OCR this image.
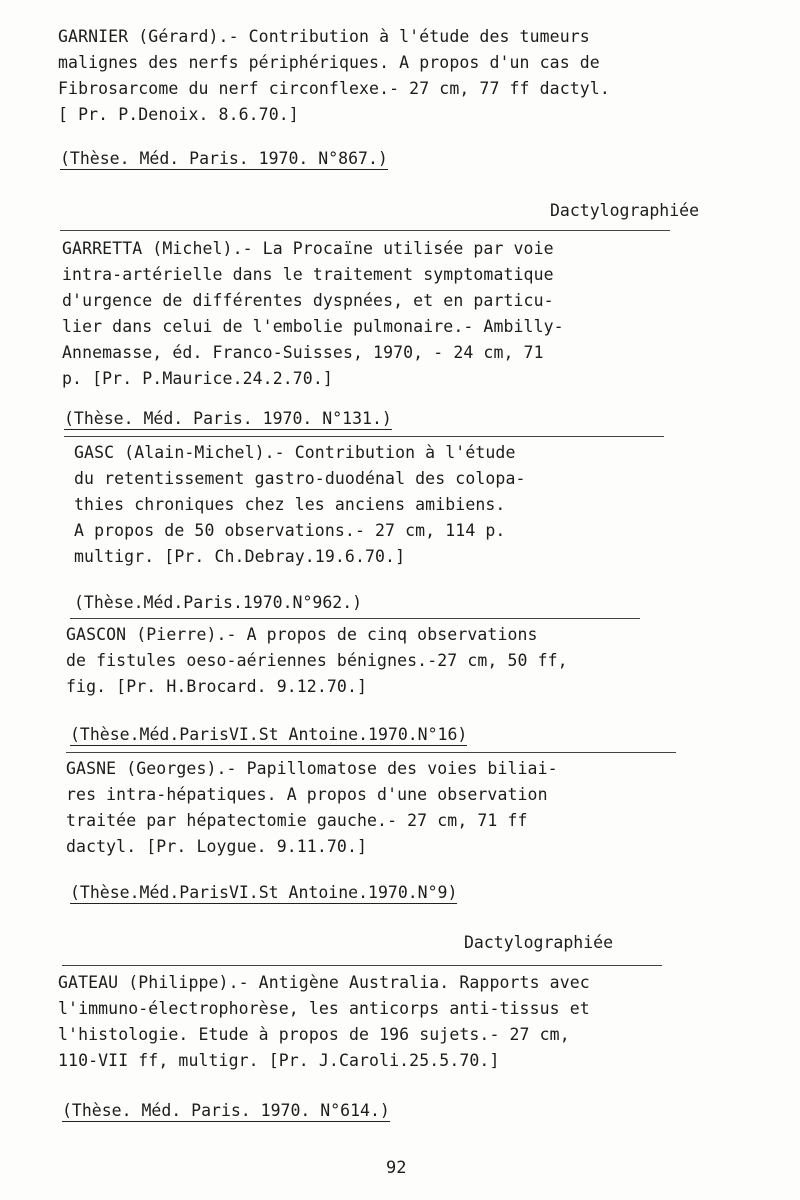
GARNIER (Gérard).- Contribution à l'étude des tumeurs

malignes des nerfs périphériques. A propos d'un cas de

Fibrosarcome du nerf circonflexe.- 27 cm, 77 ff dactyl.

[ Pr. P.Denoix. 8.6.70.]

(Thèse. Méd. Paris. 1970. N°867.)
Dactylographiée

GARRETTA (Michel).- La Procaïne utilisée par voie

intra-artérielle dans le traitement symptomatique

d'urgence de différentes dyspnées, et en particu-

lier dans celui de l'embolie pulmonaire.- Ambilly-

Annemasse, éd. Franco-Suisses, 1970, - 24 cm, 71

p. [Pr. P.Maurice.24.2.70.]

(Thèse. Méd. Paris. 1970. N°131.)

GASC (Alain-Michel).- Contribution à l'étude

du retentissement gastro-duodénal des colopa-

thies chroniques chez les anciens amibiens.

A propos de 50 observations.- 27 cm, 114 p.

multigr. [Pr. Ch.Debray.19.6.70.]

(Thèse.Méd.Paris.1970.N°962.)

GASCON (Pierre).- A propos de cinq observations

de fistules oeso-aériennes bénignes.-27 cm, 50 ff,

fig. [Pr. H.Brocard. 9.12.70.]

(Thèse.Méd.ParisVI.St Antoine.1970.N°16)

GASNE (Georges).- Papillomatose des voies biliai-

res intra-hépatiques. A propos d'une observation

traitée par hépatectomie gauche.- 27 cm, 71 ff

dactyl. [Pr. Loygue. 9.11.70.]

(Thèse.Méd.ParisVI.St Antoine.1970.N°9)
Dactylographiée

GATEAU (Philippe).- Antigène Australia. Rapports avec

l'immuno-électrophorèse, les anticorps anti-tissus et

l'histologie. Etude à propos de 196 sujets.- 27 cm,

110-VII ff, multigr. [Pr. J.Caroli.25.5.70.]

(Thèse. Méd. Paris. 1970. N°614.)
92
